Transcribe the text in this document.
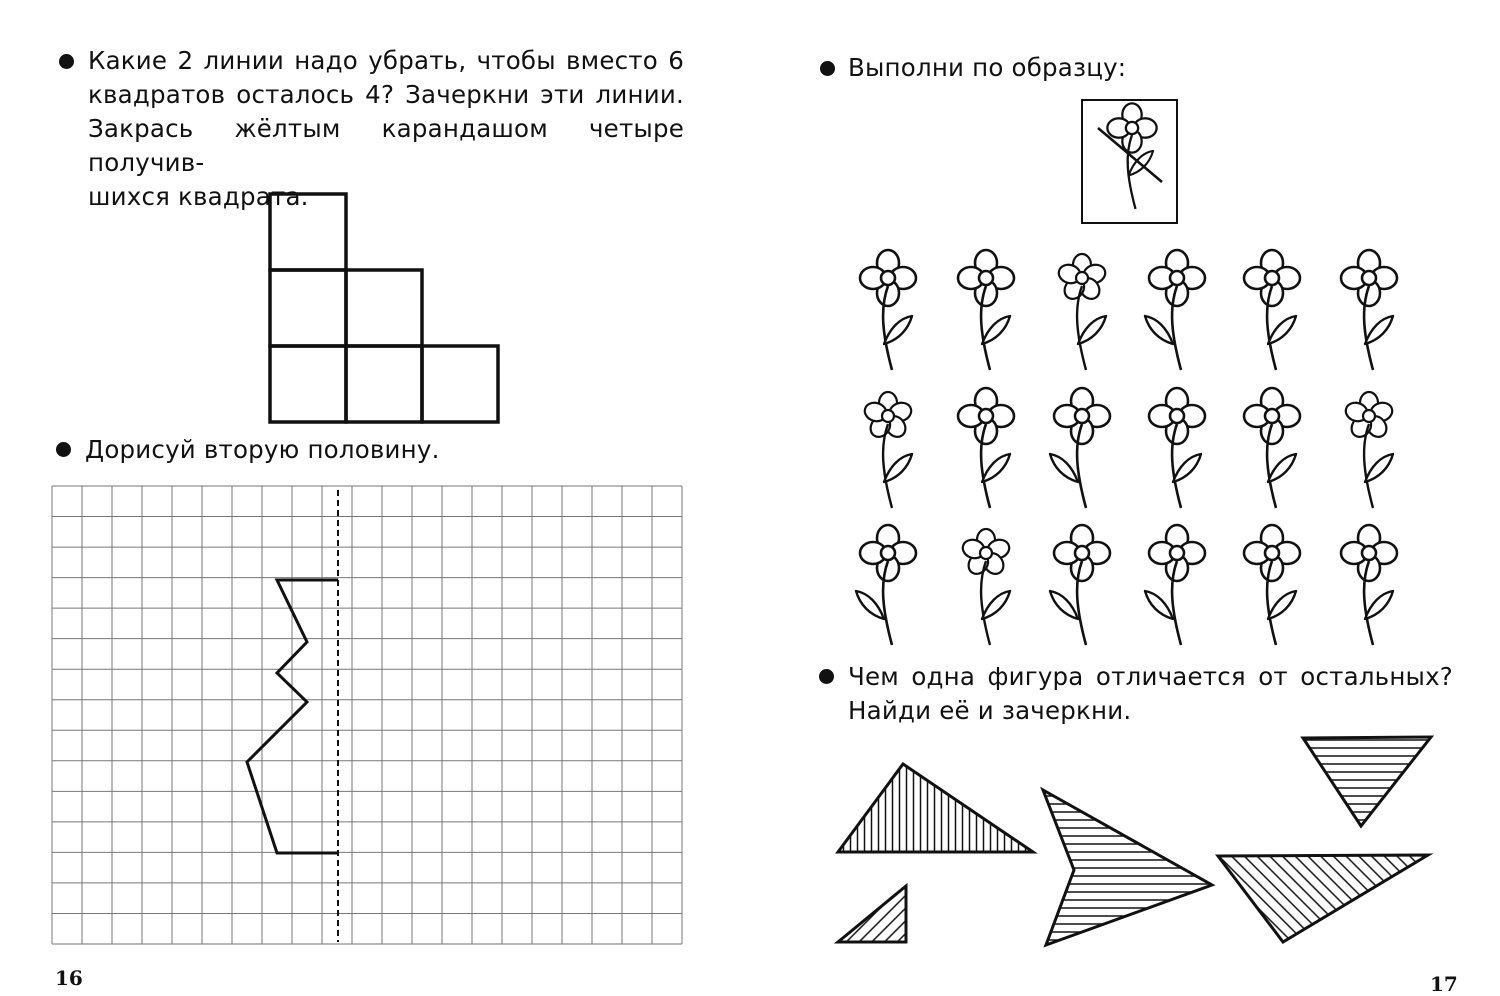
Какие 2 линии надо убрать, чтобы вместо 6
квадратов осталось 4? Зачеркни эти линии.
Закрась жёлтым карандашом четыре получив-
шихся квадрата.
Дорисуй вторую половину.
16
Выполни по образцу:
Чем одна фигура отличается от остальных?
Найди её и зачеркни.
17
